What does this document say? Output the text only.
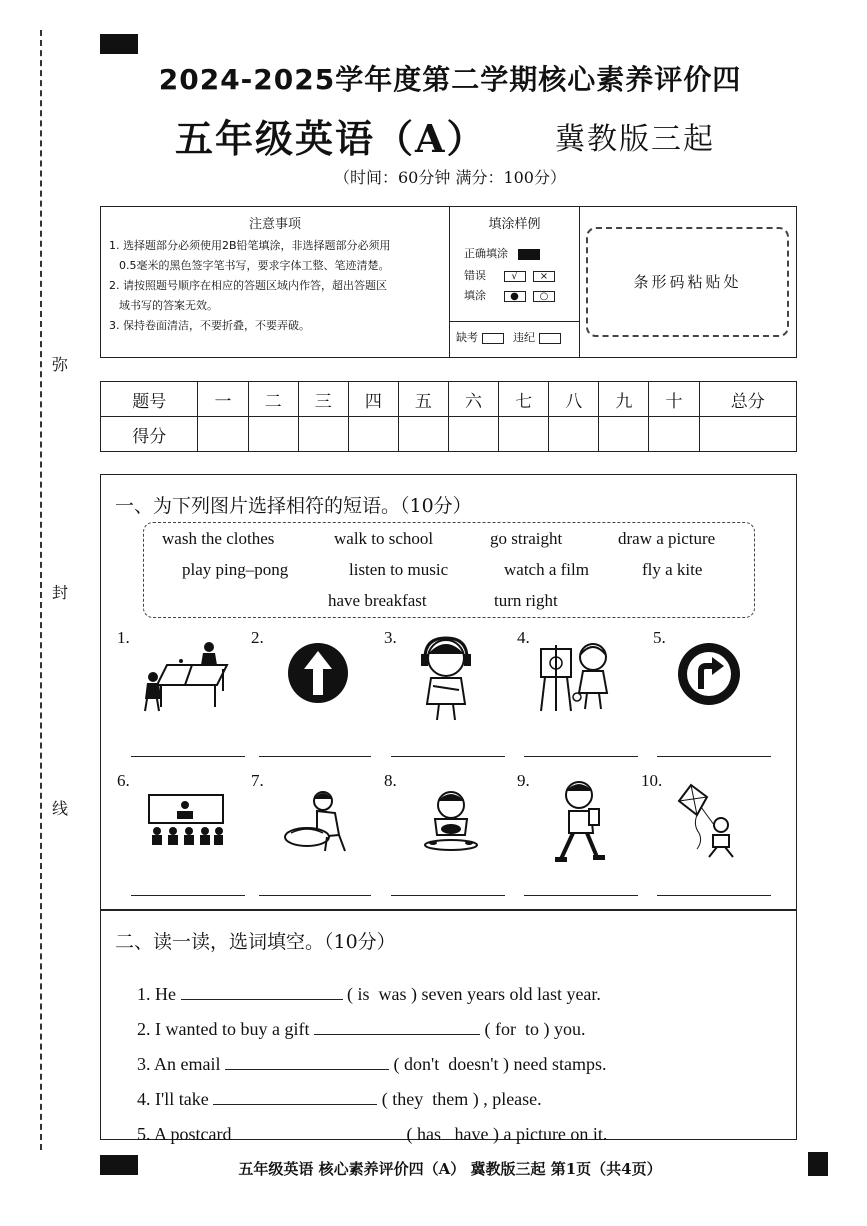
弥
封
线
2024-2025学年度第二学期核心素养评价四
五年级英语（A） 冀教版三起
（时间：60分钟 满分：100分）
注意事项
1. 选择题部分必须使用2B铅笔填涂，非选择题部分必须用
0.5毫米的黑色签字笔书写，要求字体工整、笔迹清楚。
2. 请按照题号顺序在相应的答题区域内作答，超出答题区
域书写的答案无效。
3. 保持卷面清洁，不要折叠，不要弄破。
填涂样例
正确填涂
错误	√ ×
填涂 ● ○
缺考	违纪
条形码粘贴处
题号	一	二	三	四	五	六	七	八	九	十	总分
得分											
一、为下列图片选择相符的短语。（10分）
wash the clothes	walk to school	go straight	draw a picture
play ping–pong	listen to music	watch a film	fly a kite
have breakfast	turn right
1.	2.	3.	4.	5.
6.	7.	8.	9.	10.
二、读一读，选词填空。（10分）

1. He	( is  was ) seven years old last year.

2. I wanted to buy a gift	( for  to ) you.

3. An email	( don't  doesn't ) need stamps.

4. I'll take	( they  them ) , please.

5. A postcard	( has   have ) a picture on it.

五年级英语 核心素养评价四（A） 冀教版三起 第1页（共4页）
